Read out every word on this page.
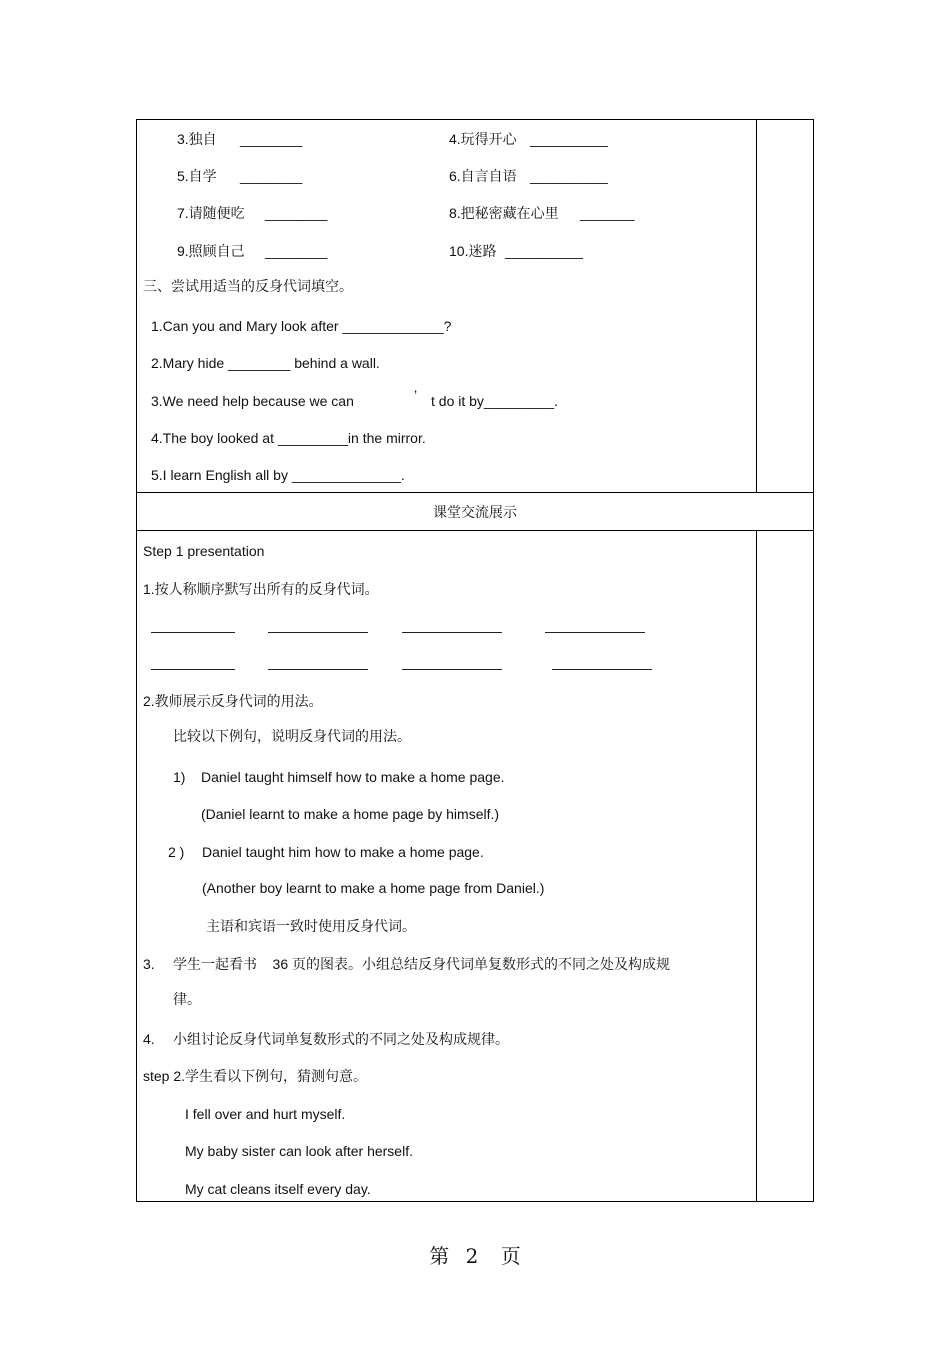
3.独自 ________	4.玩得开心 __________
5.自学 ________	6.自言自语 __________
7.请随便吃 ________	8.把秘密藏在心里 _______
9.照顾自己 ________	10.迷路 __________
三、尝试用适当的反身代词填空。
1.Can you and Mary look after _____________?
2.Mary hide ________ behind a wall.
3.We need help because we can	’ t do it by_________.
4.The boy looked at _________in the mirror.
5.I learn English all by ______________.
课堂交流展示
Step 1 presentation
1.按人称顺序默写出所有的反身代词。
2.教师展示反身代词的用法。
比较以下例句，说明反身代词的用法。
1) Daniel taught himself how to make a home page.
(Daniel learnt to make a home page by himself.)
2 ) Daniel taught him how to make a home page.
(Another boy learnt to make a home page from Daniel.)
主语和宾语一致时使用反身代词。
3. 学生一起看书    36 页的图表。小组总结反身代词单复数形式的不同之处及构成规
律。
4. 小组讨论反身代词单复数形式的不同之处及构成规律。
step 2.学生看以下例句，猜测句意。
I fell over and hurt myself.
My baby sister can look after herself.
My cat cleans itself every day.
第 2 页
